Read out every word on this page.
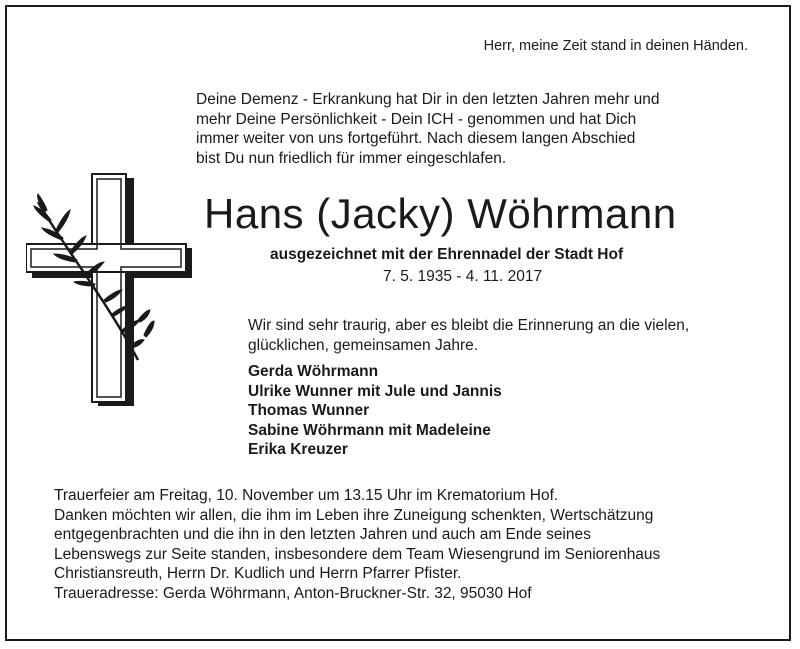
Herr, meine Zeit stand in deinen Händen.
Deine Demenz - Erkrankung hat Dir in den letzten Jahren mehr und
mehr Deine Persönlichkeit - Dein ICH - genommen und hat Dich
immer weiter von uns fortgeführt. Nach diesem langen Abschied
bist Du nun friedlich für immer eingeschlafen.
Hans (Jacky) Wöhrmann
ausgezeichnet mit der Ehrennadel der Stadt Hof
7. 5. 1935 - 4. 11. 2017
Wir sind sehr traurig, aber es bleibt die Erinnerung an die vielen,
glücklichen, gemeinsamen Jahre.
Gerda Wöhrmann
Ulrike Wunner mit Jule und Jannis
Thomas Wunner
Sabine Wöhrmann mit Madeleine
Erika Kreuzer
Trauerfeier am Freitag, 10. November um 13.15 Uhr im Krematorium Hof.
Danken möchten wir allen, die ihm im Leben ihre Zuneigung schenkten, Wertschätzung
entgegenbrachten und die ihn in den letzten Jahren und auch am Ende seines
Lebenswegs zur Seite standen, insbesondere dem Team Wiesengrund im Seniorenhaus
Christiansreuth, Herrn Dr. Kudlich und Herrn Pfarrer Pfister.
Traueradresse: Gerda Wöhrmann, Anton-Bruckner-Str. 32, 95030 Hof
